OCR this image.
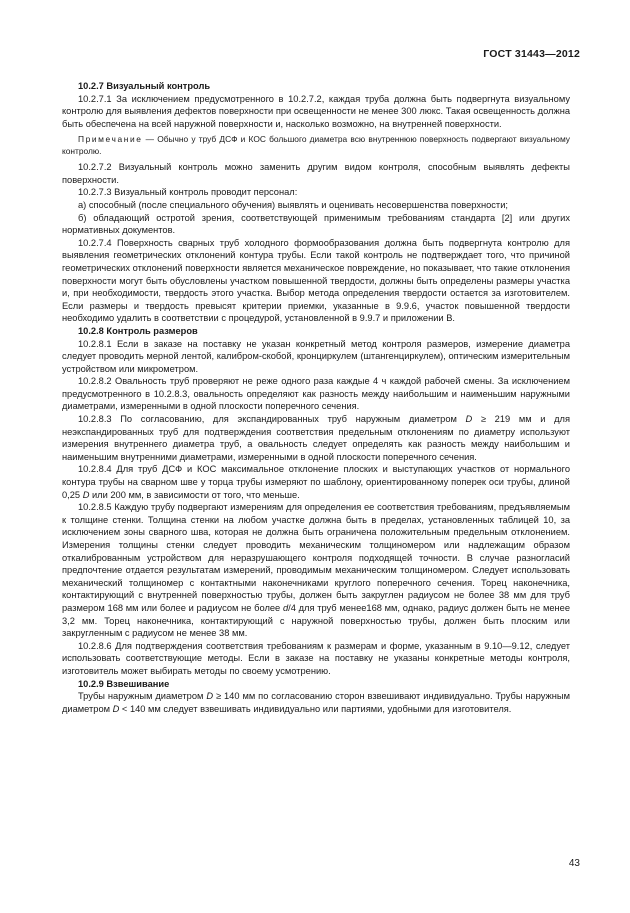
ГОСТ 31443—2012

10.2.7 Визуальный контроль

10.2.7.1 За исключением предусмотренного в 10.2.7.2, каждая труба должна быть подвергнута визуальному контролю для выявления дефектов поверхности при освещенности не менее 300 люкс. Такая освещенность должна быть обеспечена на всей наружной поверхности и, насколько возможно, на внутренней поверхности.

Примечание — Обычно у труб ДСФ и КОС большого диаметра всю внутреннюю поверхность подвергают визуальному контролю.

10.2.7.2 Визуальный контроль можно заменить другим видом контроля, способным выявлять дефекты поверхности.

10.2.7.3 Визуальный контроль проводит персонал:

а) способный (после специального обучения) выявлять и оценивать несовершенства поверхности;

б) обладающий остротой зрения, соответствующей применимым требованиям стандарта [2] или других нормативных документов.

10.2.7.4 Поверхность сварных труб холодного формообразования должна быть подвергнута контролю для выявления геометрических отклонений контура трубы. Если такой контроль не подтверждает того, что причиной геометрических отклонений поверхности является механическое повреждение, но показывает, что такие отклонения поверхности могут быть обусловлены участком повышенной твердости, должны быть определены размеры участка и, при необходимости, твердость этого участка. Выбор метода определения твердости остается за изготовителем. Если размеры и твердость превысят критерии приемки, указанные в 9.9.6, участок повышенной твердости необходимо удалить в соответствии с процедурой, установленной в 9.9.7 и приложении В.

10.2.8 Контроль размеров

10.2.8.1 Если в заказе на поставку не указан конкретный метод контроля размеров, измерение диаметра следует проводить мерной лентой, калибром-скобой, кронциркулем (штангенциркулем), оптическим измерительным устройством или микрометром.

10.2.8.2 Овальность труб проверяют не реже одного раза каждые 4 ч каждой рабочей смены. За исключением предусмотренного в 10.2.8.3, овальность определяют как разность между наибольшим и наименьшим наружными диаметрами, измеренными в одной плоскости поперечного сечения.

10.2.8.3 По согласованию, для экспандированных труб наружным диаметром D ≥ 219 мм и для неэкспандированных труб для подтверждения соответствия предельным отклонениям по диаметру используют измерения внутреннего диаметра труб, а овальность следует определять как разность между наибольшим и наименьшим внутренними диаметрами, измеренными в одной плоскости поперечного сечения.

10.2.8.4 Для труб ДСФ и КОС максимальное отклонение плоских и выступающих участков от нормального контура трубы на сварном шве у торца трубы измеряют по шаблону, ориентированному поперек оси трубы, длиной 0,25 D или 200 мм, в зависимости от того, что меньше.

10.2.8.5 Каждую трубу подвергают измерениям для определения ее соответствия требованиям, предъявляемым к толщине стенки. Толщина стенки на любом участке должна быть в пределах, установленных таблицей 10, за исключением зоны сварного шва, которая не должна быть ограничена положительным предельным отклонением. Измерения толщины стенки следует проводить механическим толщиномером или надлежащим образом откалиброванным устройством для неразрушающего контроля подходящей точности. В случае разногласий предпочтение отдается результатам измерений, проводимым механическим толщиномером. Следует использовать механический толщиномер с контактными наконечниками круглого поперечного сечения. Торец наконечника, контактирующий с внутренней поверхностью трубы, должен быть закруглен радиусом не более 38 мм для труб размером 168 мм или более и радиусом не более d/4 для труб менее168 мм, однако, радиус должен быть не менее 3,2 мм. Торец наконечника, контактирующий с наружной поверхностью трубы, должен быть плоским или закругленным с радиусом не менее 38 мм.

10.2.8.6 Для подтверждения соответствия требованиям к размерам и форме, указанным в 9.10—9.12, следует использовать соответствующие методы. Если в заказе на поставку не указаны конкретные методы контроля, изготовитель может выбирать методы по своему усмотрению.

10.2.9 Взвешивание

Трубы наружным диаметром D ≥ 140 мм по согласованию сторон взвешивают индивидуально. Трубы наружным диаметром D < 140 мм следует взвешивать индивидуально или партиями, удобными для изготовителя.

43
